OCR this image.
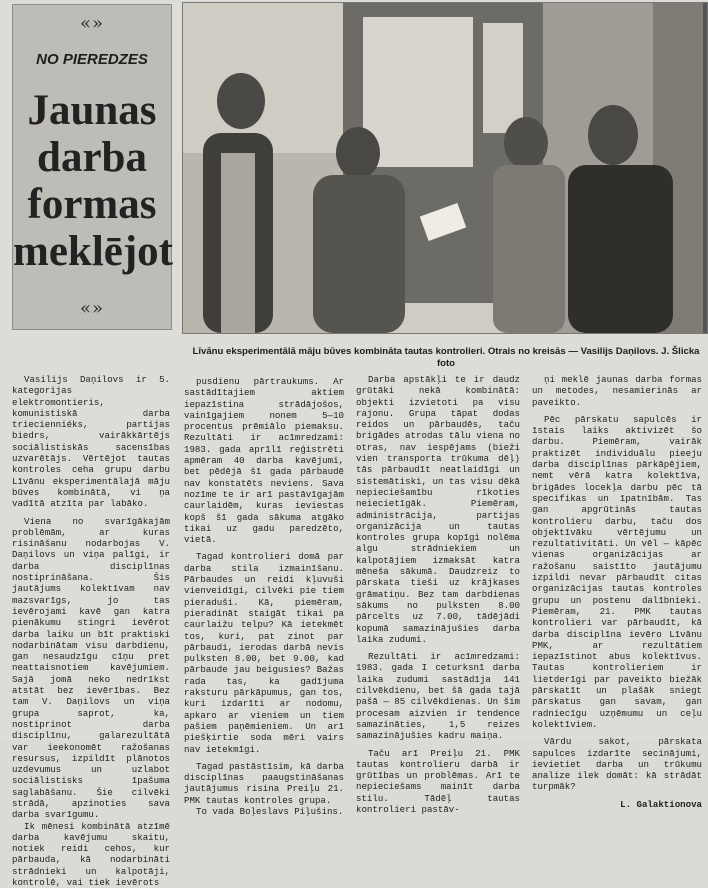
«»
NO PIEREDZES
Jaunas darba formas meklējot
«»
Līvānu eksperimentālā māju būves kombināta tautas kontrolieri. Otrais no kreisās — Vasilijs Daņilovs. J. Šlicka foto

Vasilijs Daņilovs ir 5. kategorijas elektromontieris, komunistiskā darba triecienniéks, partijas biedrs, vairākkārtējs sociālistiskās sacensības uzvarētājs. Vērtējot tautas kontroles ceha grupu darbu Līvānu eksperimentālajā māju būves kombinātā, vi ņa vadītā atzīta par labāko.

Viena no svarīgākajām problēmām, ar kuras risināšanu nodarbojas V. Daņilovs un viņa palīgi, ir darba disciplīnas nostiprināšana. Šis jautājums kolektīvam nav mazsvarīgs, jo tas ievērojami kavē gan katra pienākumu stingri ievērot darba laiku un bīt praktiski nodarbinātam visu darbdienu, gan nesaudzīgu cīņu pret neattaisnotiem kavējumiem. Sajā jomā neko nedrīkst atstāt bez ievērības. Bez tam V. Daņilovs un viņa grupa saprot, ka, nostiprinot darba disciplīnu, galarezultātā var ieekonomēt ražošanas resursus, izpildīt plānotos uzdevumus un uzlabot sociālistisks īpašuma saglabāšanu. Šie cilvēki strādā, apzinoties sava darba svarīgumu.

Ik mēnesi kombinātā atzīmē darba kavējumu skaitu, notiek reidi cehos, kur pārbauda, kā nodarbināti strādnieki un kalpotāji, kontrolē, vai tiek ievērots

pusdienu pārtraukums. Ar sastādītajiem aktiem iepazīstina strādājošos, vainīgajiem nonem 5—10 procentus prēmiālo piemaksu. Rezultāti ir acīmredzami: 1983. gada aprīlī reģistrēti apmēram 40 darba kavējumi, bet pēdējā šī gada pārbaudē nav konstatēts neviens. Sava nozīme te ir arī pastāvīgajām caurlaidēm, kuras ieviestas kopš šī gada sākuma atgāko tikai uz gadu paredzēto, vietā.

Tagad kontrolieri domā par darba stila izmainīšanu. Pārbaudes un reidi kļuvuši vienveidīgi, cilvēki pie tiem pieraduši. Kā, piemēram, pieradināt staigāt tikai pa caurlaižu telpu? Kā ietekmēt tos, kuri, pat zinot par pārbaudi, ierodas darbā nevis pulksten 8.00, bet 9.00, kad pārbaude jau beigusies? Bažas rada tas, ka gadījuma raksturu pārkāpumus, gan tos, kuri izdarīti ar nodomu, apkaro ar vieniem un tiem pašiem paņēmieniem. Un arī piešķirtie soda mēri vairs nav ietekmīgi.

Tagad pastāstīsim, kā darba disciplīnas paaugstināšanas jautājumus risina Preiļu 21. PMK tautas kontroles grupa.

To vada Boļeslavs Piļušins.

Darba apstākļi te ir daudz grūtāki nekā kombinātā: objekti izvietoti pa visu rajonu. Grupa tāpat dodas reidos un pārbaudēs, taču brigādes atrodas tālu viena no otras, nav iespējams (bieži vien transporta trūkuma dēļ) tās pārbaudīt neatlaidīgi un sistemātiski, un tas visu dēkā nepieciešamību rīkoties neiecietīgāk. Piemēram, administrācija, partijas organizācija un tautas kontroles grupa kopīgi nolēma algu strādniekiem un kalpotājiem izmaksāt katra mēneša sākumā. Daudzreiz to pārskata tieši uz krājkases grāmatiņu. Bez tam darbdienas sākums no pulksten 8.00 pārcelts uz 7.00, tādējādi kopumā samazinājušies darba laika zudumi.

Rezultāti ir acīmredzami: 1983. gada I ceturksnī darba laika zudumi sastādīja 141 cilvēkdienu, bet šā gada tajā pašā — 85 cilvēkdienas. Un šim procesam aizvien ir tendence samazināties, 1,5 reizes samazinājušies kadru maiņa.

Taču arī Preiļu 21. PMK tautas kontrolieru darbā ir grūtības un problēmas. Arī te nepieciešams mainīt darba stilu. Tādēļ tautas kontrolieri pastāv-

ņi meklē jaunas darba formas un metodes, nesamierinās ar paveikto.

Pēc pārskatu sapulcēs ir īstais laiks aktivizēt šo darbu. Piemēram, vairāk praktizēt individuālu pieeju darba disciplīnas pārkāpējiem, nemt vērā katra kolektīva, brigādes locekļa darbu pēc tā specifikas un īpatnībām. Tas gan apgrūtinās tautas kontrolieru darbu, taču dos objektīvāku vērtējumu un rezultativitāti. Un vēl — kāpēc vienas organizācijas ar ražošanu saistīto jautājumu izpildi nevar pārbaudīt citas organizācijas tautas kontroles grupu un postenu dalībnieki. Piemēram, 21. PMK tautas kontrolieri var pārbaudīt, kā darba disciplīna ievēro Līvānu PMK, ar rezultātiem iepazīstinot abus kolektīvus. Tautas kontrolieriem ir lietderīgi par paveikto biežāk pārskatīt un plašāk sniegt pārskatus gan savam, gan radniecīgu uzņēmumu un ceļu kolektīviem.

Vārdu sakot, pārskata sapulces izdarīte secinājumi, ievietiet darba un trūkumu analize ilek domāt: kā strādāt turpmāk?

L. Galaktionova
